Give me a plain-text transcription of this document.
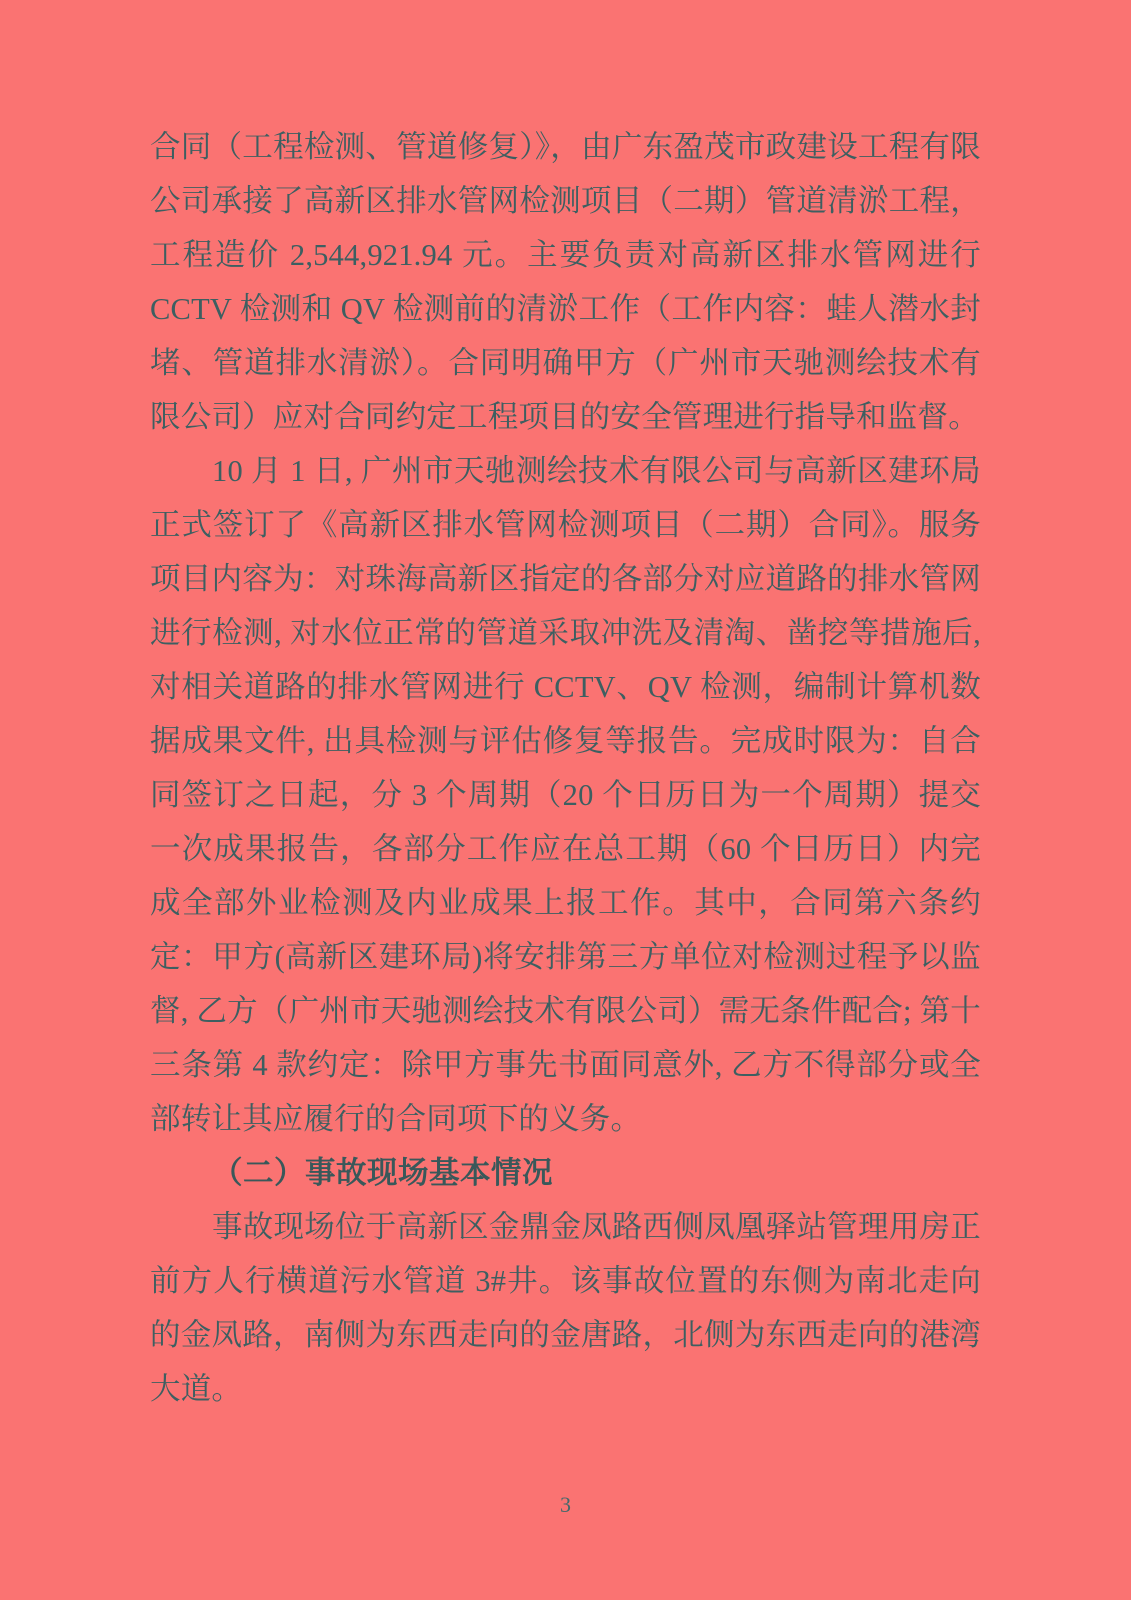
合同（工程检测、管道修复）》，由广东盈茂市政建设工程有限公司承接了高新区排水管网检测项目（二期）管道清淤工程，工程造价 2,544,921.94 元。主要负责对高新区排水管网进行 CCTV 检测和 QV 检测前的清淤工作（工作内容：蛙人潜水封堵、管道排水清淤）。合同明确甲方（广州市天驰测绘技术有限公司）应对合同约定工程项目的安全管理进行指导和监督。

10 月 1 日, 广州市天驰测绘技术有限公司与高新区建环局正式签订了《高新区排水管网检测项目（二期）合同》。服务项目内容为：对珠海高新区指定的各部分对应道路的排水管网进行检测, 对水位正常的管道采取冲洗及清淘、凿挖等措施后, 对相关道路的排水管网进行 CCTV、QV 检测，编制计算机数据成果文件, 出具检测与评估修复等报告。完成时限为：自合同签订之日起，分 3 个周期（20 个日历日为一个周期）提交一次成果报告，各部分工作应在总工期（60 个日历日）内完成全部外业检测及内业成果上报工作。其中，合同第六条约定：甲方(高新区建环局)将安排第三方单位对检测过程予以监督, 乙方（广州市天驰测绘技术有限公司）需无条件配合; 第十三条第 4 款约定：除甲方事先书面同意外, 乙方不得部分或全部转让其应履行的合同项下的义务。

（二）事故现场基本情况

事故现场位于高新区金鼎金凤路西侧凤凰驿站管理用房正前方人行横道污水管道 3#井。该事故位置的东侧为南北走向的金凤路，南侧为东西走向的金唐路，北侧为东西走向的港湾大道。

3
